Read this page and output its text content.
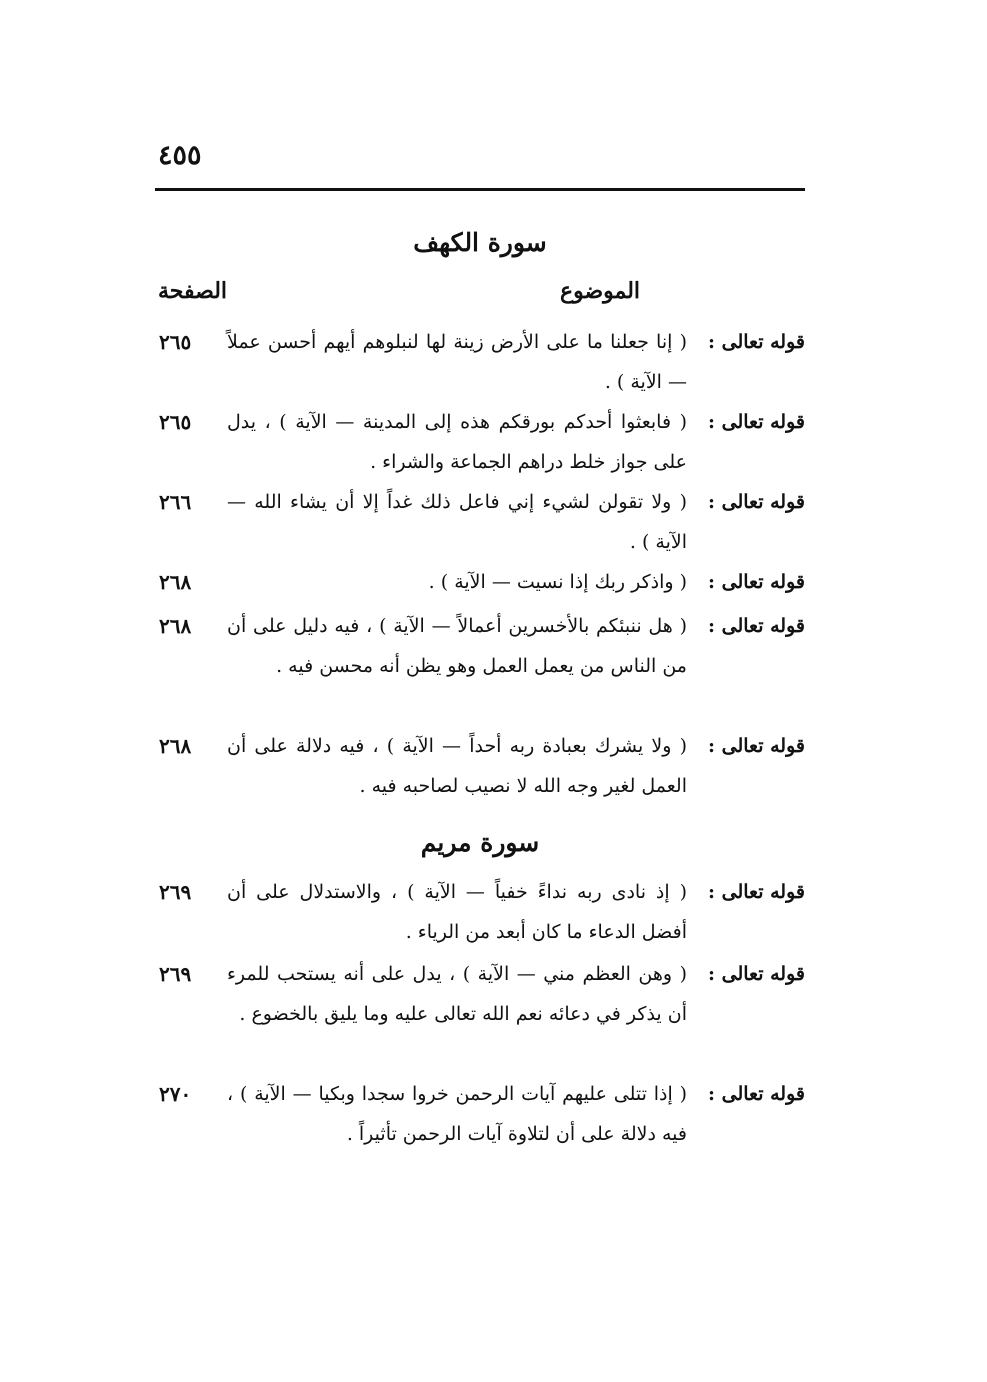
٤٥٥
سورة الكهف
الموضوع
الصفحة
قوله تعالى :
( إنا جعلنا ما على الأرض زينة لها لنبلوهم أيهم أحسن عملاً — الآية ) .
٢٦٥
قوله تعالى :
( فابعثوا أحدكم بورقكم هذه إلى المدينة — الآية ) ، يدل على جواز خلط دراهم الجماعة والشراء .
٢٦٥
قوله تعالى :
( ولا تقولن لشيء إني فاعل ذلك غداً إلا أن يشاء الله — الآية ) .
٢٦٦
قوله تعالى :
( واذكر ربك إذا نسيت — الآية ) .
٢٦٨
قوله تعالى :
( هل ننبئكم بالأخسرين أعمالاً — الآية ) ، فيه دليل على أن من الناس من يعمل العمل وهو يظن أنه محسن فيه .
٢٦٨
قوله تعالى :
( ولا يشرك بعبادة ربه أحداً — الآية ) ، فيه دلالة على أن العمل لغير وجه الله لا نصيب لصاحبه فيه .
٢٦٨
سورة مريم
قوله تعالى :
( إذ نادى ربه نداءً خفياً — الآية ) ، والاستدلال على أن أفضل الدعاء ما كان أبعد من الرياء .
٢٦٩
قوله تعالى :
( وهن العظم مني — الآية ) ، يدل على أنه يستحب للمرء أن يذكر في دعائه نعم الله تعالى عليه وما يليق بالخضوع .
٢٦٩
قوله تعالى :
( إذا تتلى عليهم آيات الرحمن خروا سجدا وبكيا — الآية ) ، فيه دلالة على أن لتلاوة آيات الرحمن تأثيراً .
٢٧٠
